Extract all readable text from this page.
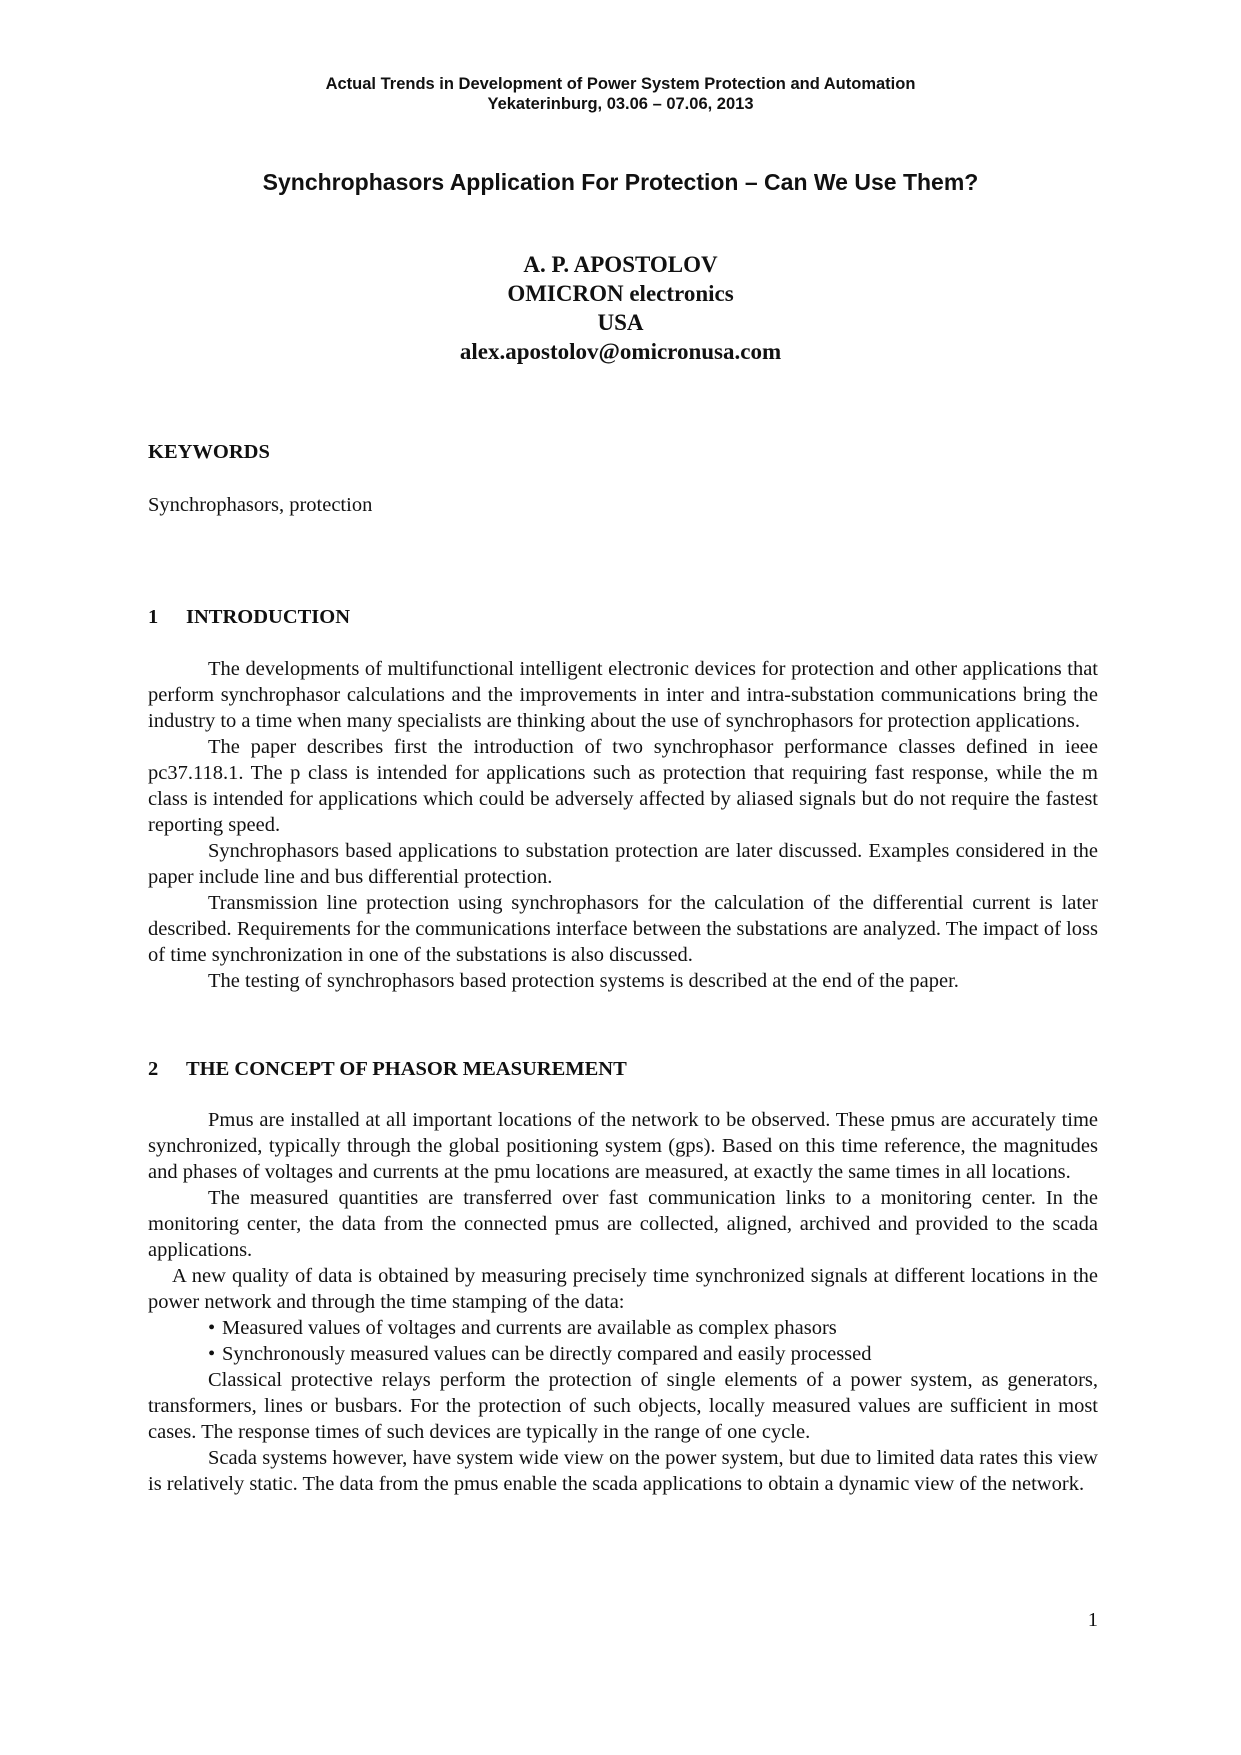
Actual Trends in Development of Power System Protection and Automation
Yekaterinburg, 03.06 – 07.06, 2013
Synchrophasors Application For Protection – Can We Use Them?
A. P. APOSTOLOV
OMICRON electronics
USA
alex.apostolov@omicronusa.com
KEYWORDS

Synchrophasors, protection

1 INTRODUCTION

The developments of multifunctional intelligent electronic devices for protection and other applications that perform synchrophasor calculations and the improvements in inter and intra-substation communications bring the industry to a time when many specialists are thinking about the use of synchrophasors for protection applications.

The paper describes first the introduction of two synchrophasor performance classes defined in ieee pc37.118.1. The p class is intended for applications such as protection that requiring fast response, while the m class is intended for applications which could be adversely affected by aliased signals but do not require the fastest reporting speed.

Synchrophasors based applications to substation protection are later discussed. Examples considered in the paper include line and bus differential protection.

Transmission line protection using synchrophasors for the calculation of the differential current is later described. Requirements for the communications interface between the substations are analyzed. The impact of loss of time synchronization in one of the substations is also discussed.

The testing of synchrophasors based protection systems is described at the end of the paper.

2 THE CONCEPT OF PHASOR MEASUREMENT

Pmus are installed at all important locations of the network to be observed. These pmus are accurately time synchronized, typically through the global positioning system (gps). Based on this time reference, the magnitudes and phases of voltages and currents at the pmu locations are measured, at exactly the same times in all locations.

The measured quantities are transferred over fast communication links to a monitoring center. In the monitoring center, the data from the connected pmus are collected, aligned, archived and provided to the scada applications.

A new quality of data is obtained by measuring precisely time synchronized signals at different locations in the power network and through the time stamping of the data:

• Measured values of voltages and currents are available as complex phasors
• Synchronously measured values can be directly compared and easily processed

Classical protective relays perform the protection of single elements of a power system, as generators, transformers, lines or busbars. For the protection of such objects, locally measured values are sufficient in most cases. The response times of such devices are typically in the range of one cycle.

Scada systems however, have system wide view on the power system, but due to limited data rates this view is relatively static. The data from the pmus enable the scada applications to obtain a dynamic view of the network.

1
